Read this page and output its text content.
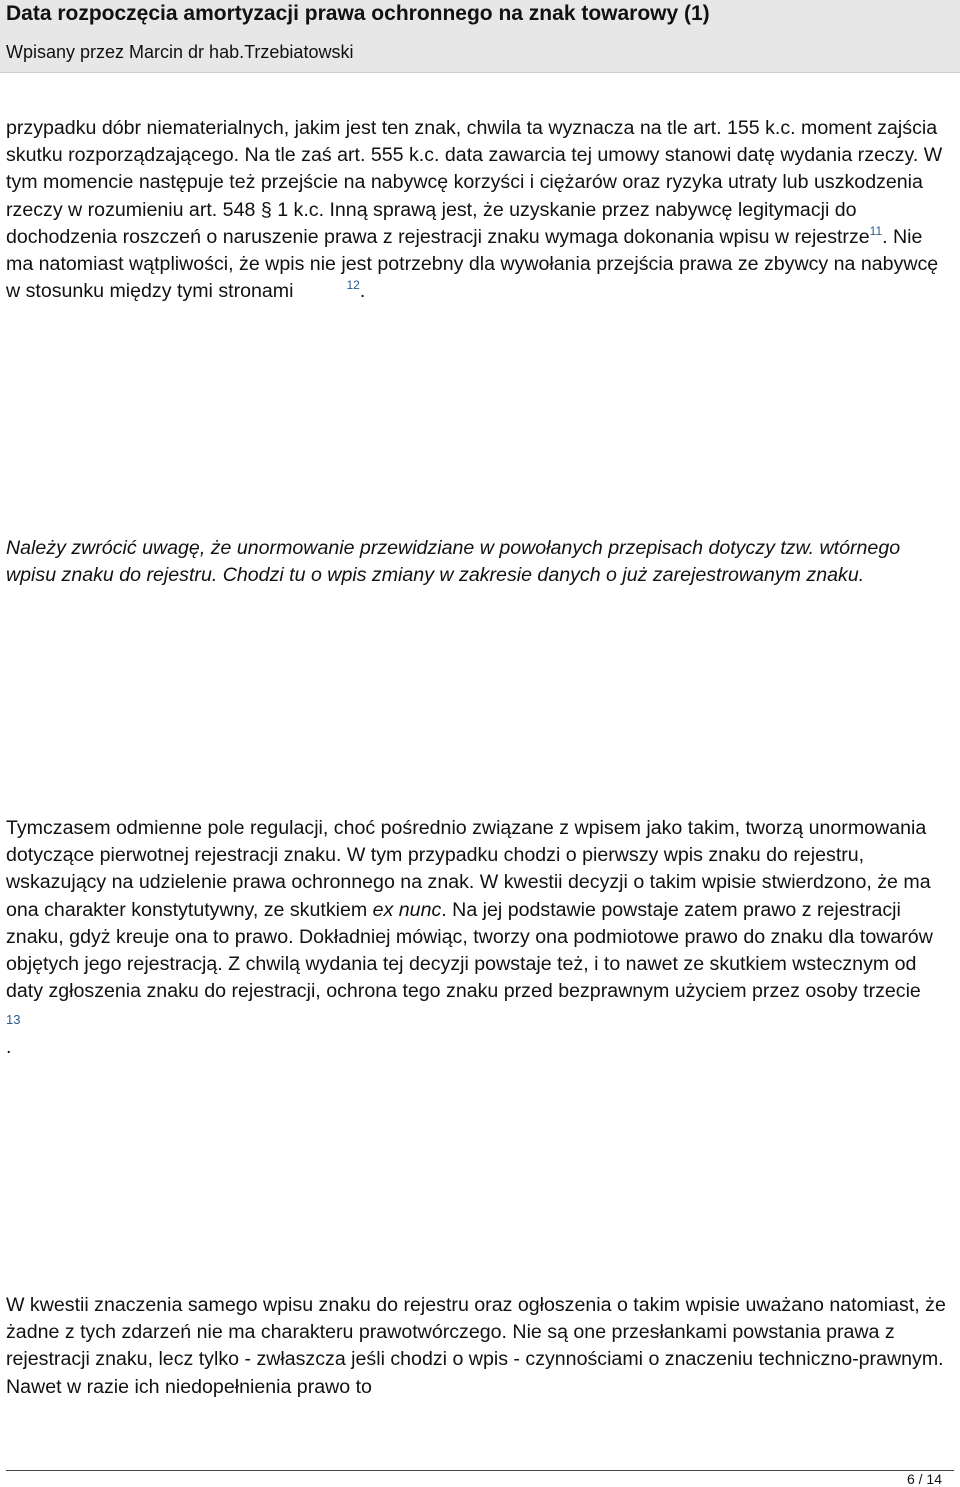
Data rozpoczęcia amortyzacji prawa ochronnego na znak towarowy (1)
Wpisany przez Marcin dr hab.Trzebiatowski

przypadku dóbr niematerialnych, jakim jest ten znak, chwila ta wyznacza na tle art. 155 k.c. moment zajścia skutku rozporządzającego. Na tle zaś art. 555 k.c. data zawarcia tej umowy stanowi datę wydania rzeczy. W tym momencie następuje też przejście na nabywcę korzyści i ciężarów oraz ryzyka utraty lub uszkodzenia rzeczy w rozumieniu art. 548 § 1 k.c. Inną sprawą jest, że uzyskanie przez nabywcę legitymacji do dochodzenia roszczeń o naruszenie prawa z rejestracji znaku wymaga dokonania wpisu w rejestrze$^{11}$. Nie ma natomiast wątpliwości, że wpis nie jest potrzebny dla wywołania przejścia prawa ze zbywcy na nabywcę w stosunku między tymi stronami	$^{12}$.

Należy zwrócić uwagę, że unormowanie przewidziane w powołanych przepisach dotyczy tzw. wtórnego wpisu znaku do rejestru. Chodzi tu o wpis zmiany w zakresie danych o już zarejestrowanym znaku.

Tymczasem odmienne pole regulacji, choć pośrednio związane z wpisem jako takim, tworzą unormowania dotyczące pierwotnej rejestracji znaku. W tym przypadku chodzi o pierwszy wpis znaku do rejestru, wskazujący na udzielenie prawa ochronnego na znak. W kwestii decyzji o takim wpisie stwierdzono, że ma ona charakter konstytutywny, ze skutkiem ex nunc. Na jej podstawie powstaje zatem prawo z rejestracji znaku, gdyż kreuje ona to prawo. Dokładniej mówiąc, tworzy ona podmiotowe prawo do znaku dla towarów objętych jego rejestracją. Z chwilą wydania tej decyzji powstaje też, i to nawet ze skutkiem wstecznym od daty zgłoszenia znaku do rejestracji, ochrona tego znaku przed bezprawnym użyciem przez osoby trzecie
13
.

W kwestii znaczenia samego wpisu znaku do rejestru oraz ogłoszenia o takim wpisie uważano natomiast, że żadne z tych zdarzeń nie ma charakteru prawotwórczego. Nie są one przesłankami powstania prawa z rejestracji znaku, lecz tylko - zwłaszcza jeśli chodzi o wpis - czynnościami o znaczeniu techniczno-prawnym. Nawet w razie ich niedopełnienia prawo to

6 / 14
